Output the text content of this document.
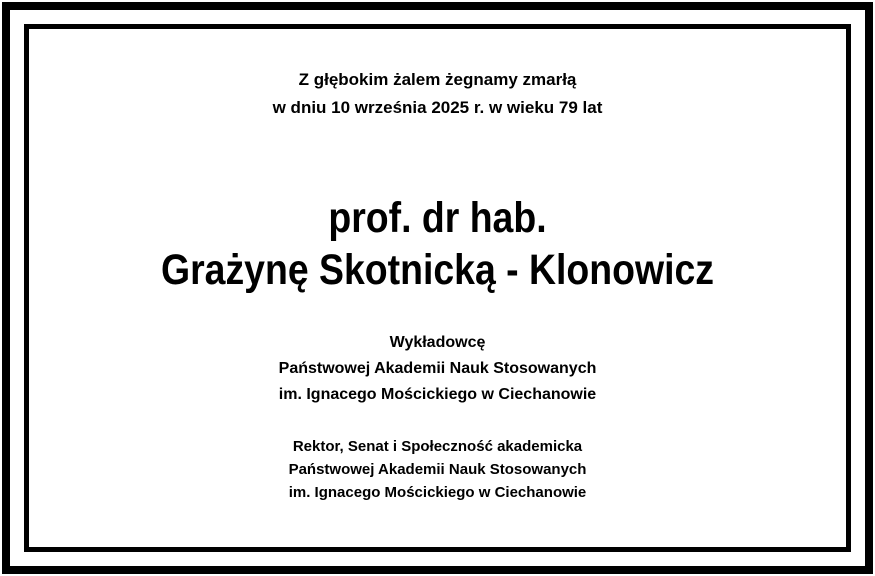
Z głębokim żalem żegnamy zmarłą
w dniu 10 września 2025 r. w wieku 79 lat
prof. dr hab.
Grażynę Skotnicką - Klonowicz
Wykładowcę
Państwowej Akademii Nauk Stosowanych
im. Ignacego Mościckiego w Ciechanowie
Rektor, Senat i Społeczność akademicka
Państwowej Akademii Nauk Stosowanych
im. Ignacego Mościckiego w Ciechanowie
